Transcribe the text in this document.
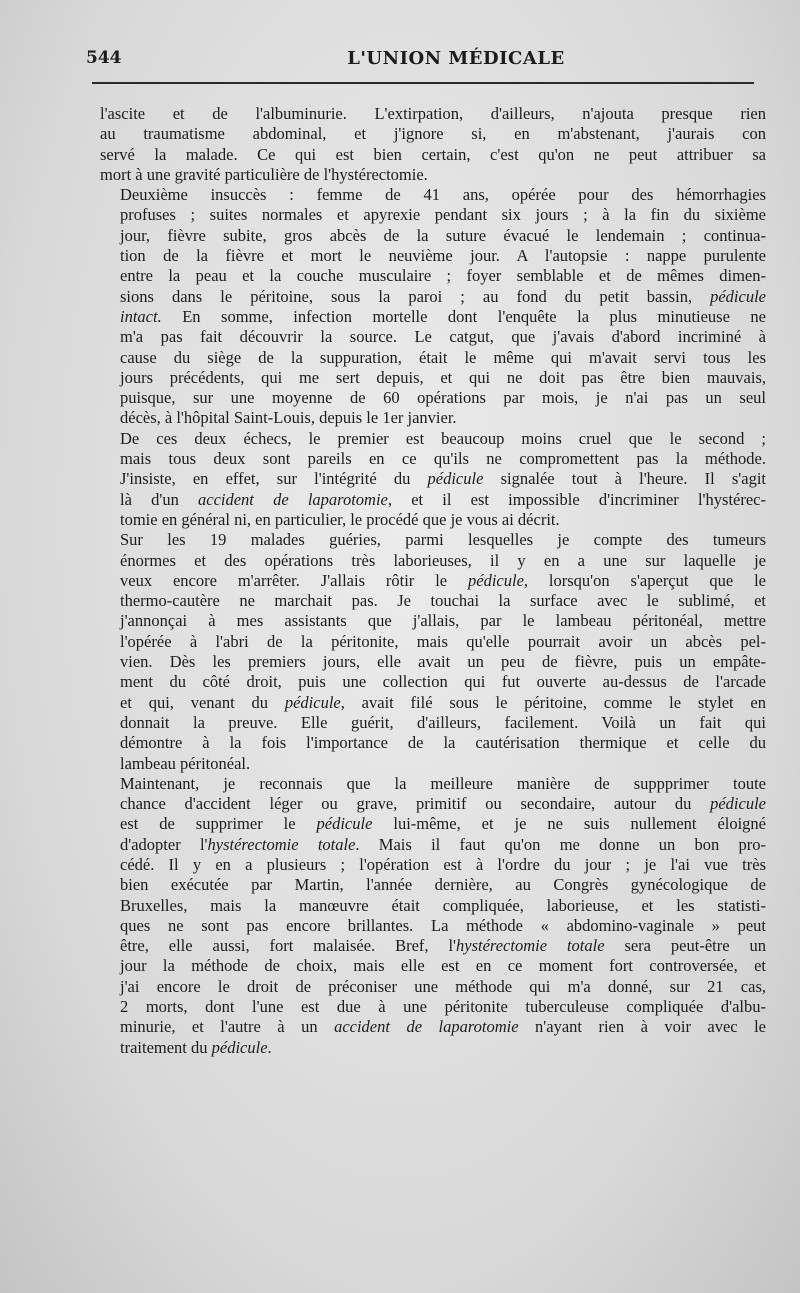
544	L'UNION MÉDICALE
l'ascite et de l'albuminurie. L'extirpation, d'ailleurs, n'ajouta presque rien
au traumatisme abdominal, et j'ignore si, en m'abstenant, j'aurais con
servé la malade. Ce qui est bien certain, c'est qu'on ne peut attribuer sa
mort à une gravité particulière de l'hystérectomie.
Deuxième insuccès : femme de 41 ans, opérée pour des hémorrhagies
profuses ; suites normales et apyrexie pendant six jours ; à la fin du sixième
jour, fièvre subite, gros abcès de la suture évacué le lendemain ; continua-
tion de la fièvre et mort le neuvième jour. A l'autopsie : nappe purulente
entre la peau et la couche musculaire ; foyer semblable et de mêmes dimen-
sions dans le péritoine, sous la paroi ; au fond du petit bassin, pédicule
intact. En somme, infection mortelle dont l'enquête la plus minutieuse ne
m'a pas fait découvrir la source. Le catgut, que j'avais d'abord incriminé à
cause du siège de la suppuration, était le même qui m'avait servi tous les
jours précédents, qui me sert depuis, et qui ne doit pas être bien mauvais,
puisque, sur une moyenne de 60 opérations par mois, je n'ai pas un seul
décès, à l'hôpital Saint-Louis, depuis le 1er janvier.
De ces deux échecs, le premier est beaucoup moins cruel que le second ;
mais tous deux sont pareils en ce qu'ils ne compromettent pas la méthode.
J'insiste, en effet, sur l'intégrité du pédicule signalée tout à l'heure. Il s'agit
là d'un accident de laparotomie, et il est impossible d'incriminer l'hystérec-
tomie en général ni, en particulier, le procédé que je vous ai décrit.
Sur les 19 malades guéries, parmi lesquelles je compte des tumeurs
énormes et des opérations très laborieuses, il y en a une sur laquelle je
veux encore m'arrêter. J'allais rôtir le pédicule, lorsqu'on s'aperçut que le
thermo-cautère ne marchait pas. Je touchai la surface avec le sublimé, et
j'annonçai à mes assistants que j'allais, par le lambeau péritonéal, mettre
l'opérée à l'abri de la péritonite, mais qu'elle pourrait avoir un abcès pel-
vien. Dès les premiers jours, elle avait un peu de fièvre, puis un empâte-
ment du côté droit, puis une collection qui fut ouverte au-dessus de l'arcade
et qui, venant du pédicule, avait filé sous le péritoine, comme le stylet en
donnait la preuve. Elle guérit, d'ailleurs, facilement. Voilà un fait qui
démontre à la fois l'importance de la cautérisation thermique et celle du
lambeau péritonéal.
Maintenant, je reconnais que la meilleure manière de suppprimer toute
chance d'accident léger ou grave, primitif ou secondaire, autour du pédicule
est de supprimer le pédicule lui-même, et je ne suis nullement éloigné
d'adopter l'hystérectomie totale. Mais il faut qu'on me donne un bon pro-
cédé. Il y en a plusieurs ; l'opération est à l'ordre du jour ; je l'ai vue très
bien exécutée par Martin, l'année dernière, au Congrès gynécologique de
Bruxelles, mais la manœuvre était compliquée, laborieuse, et les statisti-
ques ne sont pas encore brillantes. La méthode « abdomino-vaginale » peut
être, elle aussi, fort malaisée. Bref, l'hystérectomie totale sera peut-être un
jour la méthode de choix, mais elle est en ce moment fort controversée, et
j'ai encore le droit de préconiser une méthode qui m'a donné, sur 21 cas,
2 morts, dont l'une est due à une péritonite tuberculeuse compliquée d'albu-
minurie, et l'autre à un accident de laparotomie n'ayant rien à voir avec le
traitement du pédicule.
